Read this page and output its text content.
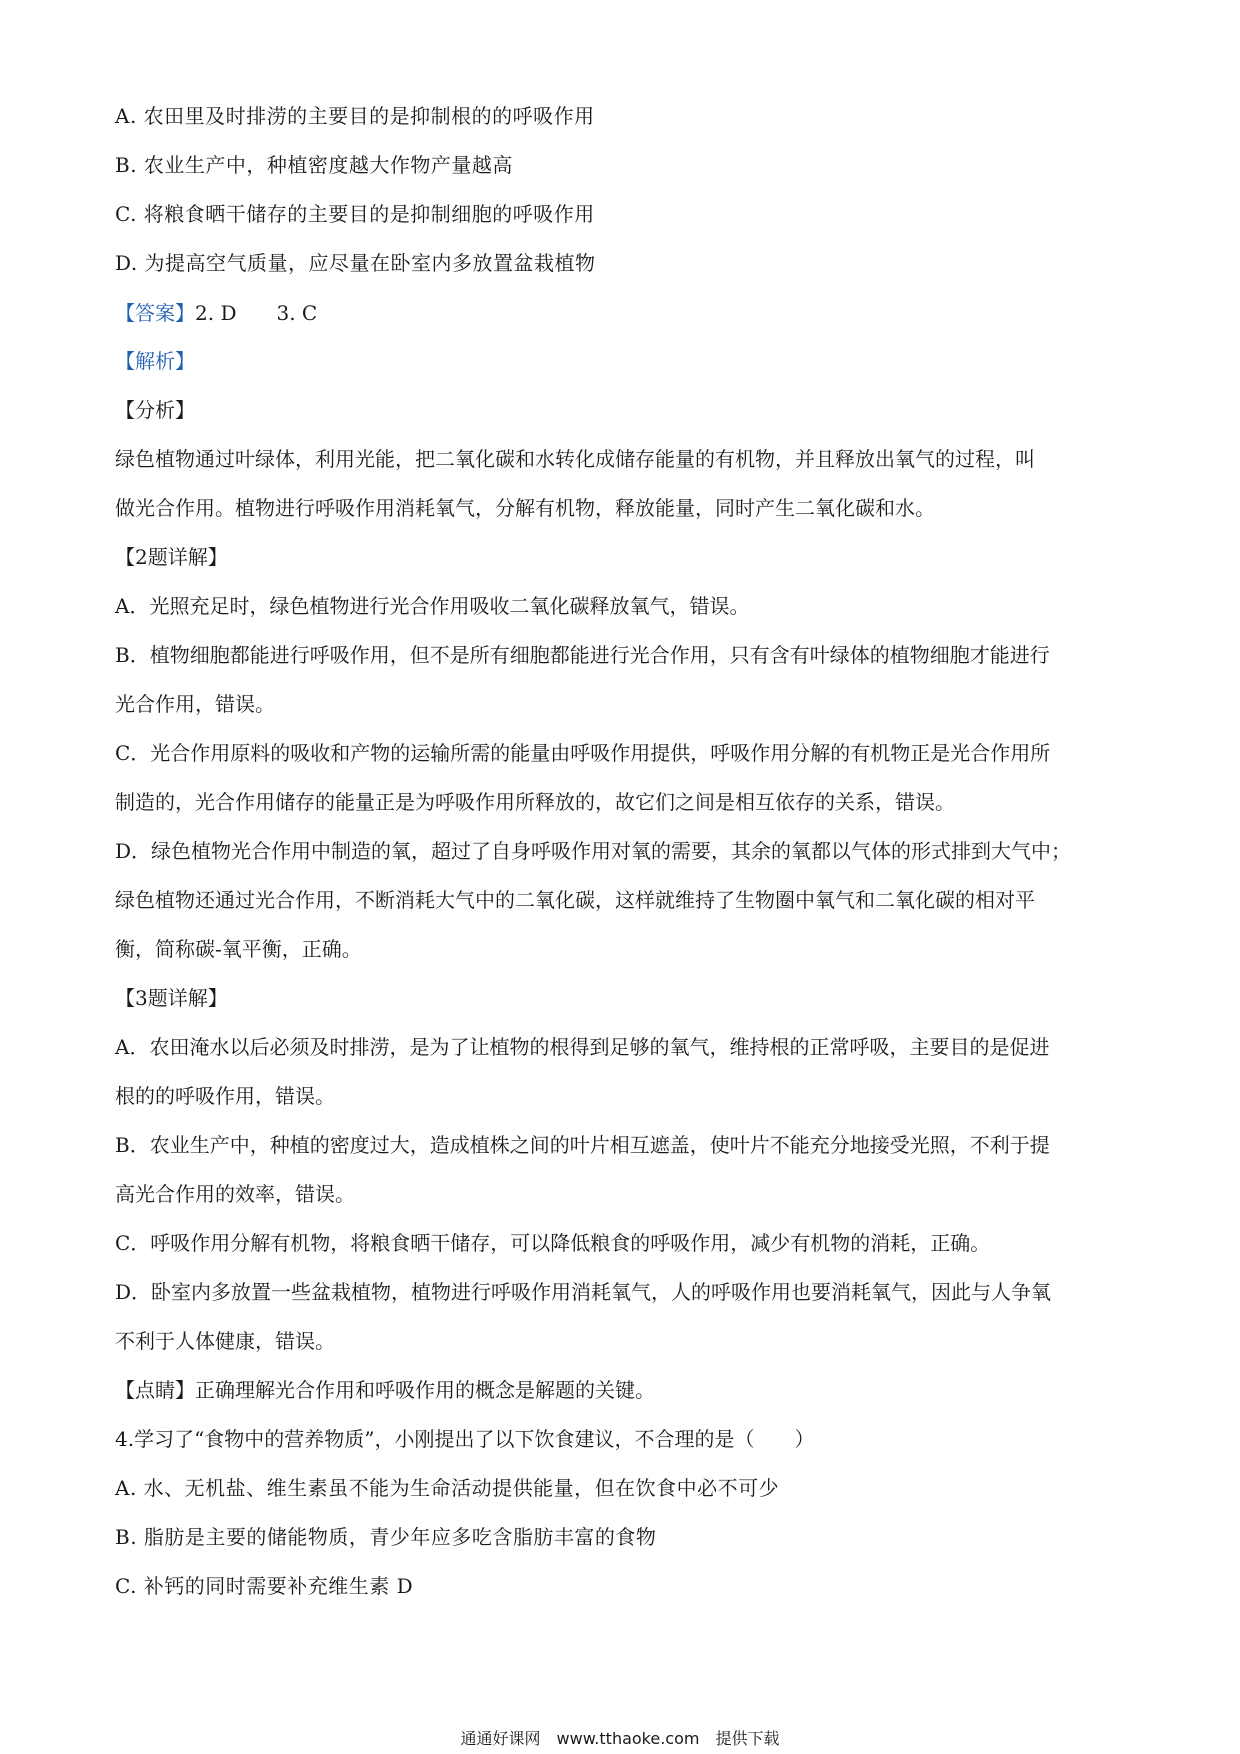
A. 农田里及时排涝的主要目的是抑制根的的呼吸作用
B. 农业生产中，种植密度越大作物产量越高
C. 将粮食晒干储存的主要目的是抑制细胞的呼吸作用
D. 为提高空气质量，应尽量在卧室内多放置盆栽植物
【答案】2. D　　3. C
【解析】
【分析】
绿色植物通过叶绿体，利用光能，把二氧化碳和水转化成储存能量的有机物，并且释放出氧气的过程，叫
做光合作用。植物进行呼吸作用消耗氧气，分解有机物，释放能量，同时产生二氧化碳和水。
【2题详解】
A．光照充足时，绿色植物进行光合作用吸收二氧化碳释放氧气，错误。
B．植物细胞都能进行呼吸作用，但不是所有细胞都能进行光合作用，只有含有叶绿体的植物细胞才能进行
光合作用，错误。
C．光合作用原料的吸收和产物的运输所需的能量由呼吸作用提供，呼吸作用分解的有机物正是光合作用所
制造的，光合作用储存的能量正是为呼吸作用所释放的，故它们之间是相互依存的关系，错误。
D．绿色植物光合作用中制造的氧，超过了自身呼吸作用对氧的需要，其余的氧都以气体的形式排到大气中；
绿色植物还通过光合作用，不断消耗大气中的二氧化碳，这样就维持了生物圈中氧气和二氧化碳的相对平
衡，简称碳-氧平衡，正确。
【3题详解】
A．农田淹水以后必须及时排涝，是为了让植物的根得到足够的氧气，维持根的正常呼吸，主要目的是促进
根的的呼吸作用，错误。
B．农业生产中，种植的密度过大，造成植株之间的叶片相互遮盖，使叶片不能充分地接受光照，不利于提
高光合作用的效率，错误。
C．呼吸作用分解有机物，将粮食晒干储存，可以降低粮食的呼吸作用，减少有机物的消耗，正确。
D．卧室内多放置一些盆栽植物，植物进行呼吸作用消耗氧气，人的呼吸作用也要消耗氧气，因此与人争氧
不利于人体健康，错误。
【点睛】正确理解光合作用和呼吸作用的概念是解题的关键。
4.学习了“食物中的营养物质”，小刚提出了以下饮食建议，不合理的是（　　）
A. 水、无机盐、维生素虽不能为生命活动提供能量，但在饮食中必不可少
B. 脂肪是主要的储能物质，青少年应多吃含脂肪丰富的食物
C. 补钙的同时需要补充维生素 D
通通好课网　www.tthaoke.com　提供下载
